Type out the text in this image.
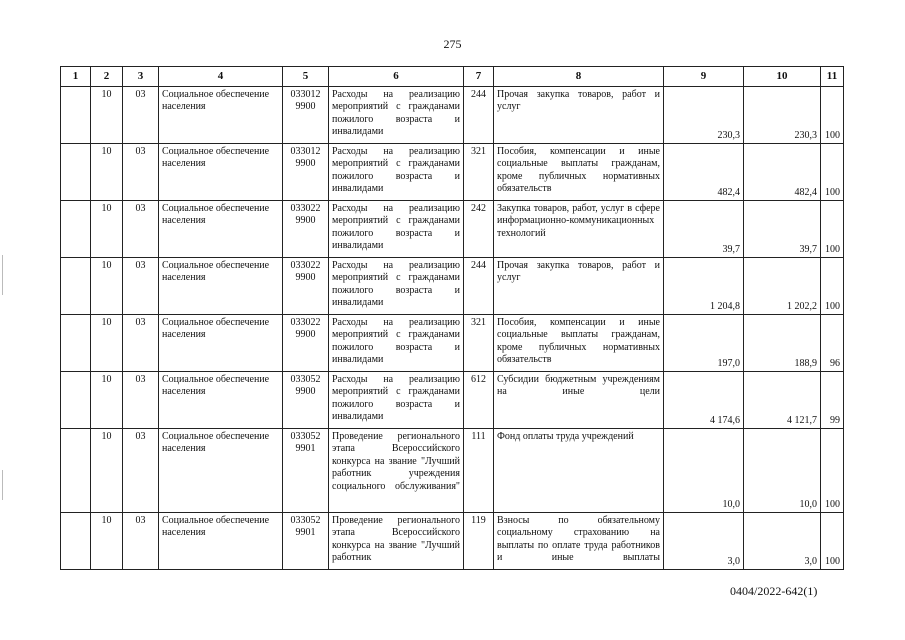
275
1	2	3	4	5	6	7	8	9	10	11
	10	03	Социальное обеспечение населения	033012 9900	Расходы на реализацию мероприятий с гражданами пожилого возраста и инвалидами	244	Прочая закупка товаров, работ и услуг	230,3	230,3	100
	10	03	Социальное обеспечение населения	033012 9900	Расходы на реализацию мероприятий с гражданами пожилого возраста и инвалидами	321	Пособия, компенсации и иные социальные выплаты гражданам, кроме публичных нормативных обязательств	482,4	482,4	100
	10	03	Социальное обеспечение населения	033022 9900	Расходы на реализацию мероприятий с гражданами пожилого возраста и инвалидами	242	Закупка товаров, работ, услуг в сфере информационно-коммуникационных технологий	39,7	39,7	100
	10	03	Социальное обеспечение населения	033022 9900	Расходы на реализацию мероприятий с гражданами пожилого возраста и инвалидами	244	Прочая закупка товаров, работ и услуг	1 204,8	1 202,2	100
	10	03	Социальное обеспечение населения	033022 9900	Расходы на реализацию мероприятий с гражданами пожилого возраста и инвалидами	321	Пособия, компенсации и иные социальные выплаты гражданам, кроме публичных нормативных обязательств	197,0	188,9	96
	10	03	Социальное обеспечение населения	033052 9900	Расходы на реализацию мероприятий с гражданами пожилого возраста и инвалидами	612	Субсидии бюджетным учреждениям на иные цели	4 174,6	4 121,7	99
	10	03	Социальное обеспечение населения	033052 9901	Проведение регионального этапа Всероссийского конкурса на звание "Лучший работник учреждения социального обслуживания"	111	Фонд оплаты труда учреждений	10,0	10,0	100
	10	03	Социальное обеспечение населения	033052 9901	Проведение регионального этапа Всероссийского конкурса на звание "Лучший работник	119	Взносы по обязательному социальному страхованию на выплаты по оплате труда работников и иные выплаты	3,0	3,0	100
0404/2022-642(1)
